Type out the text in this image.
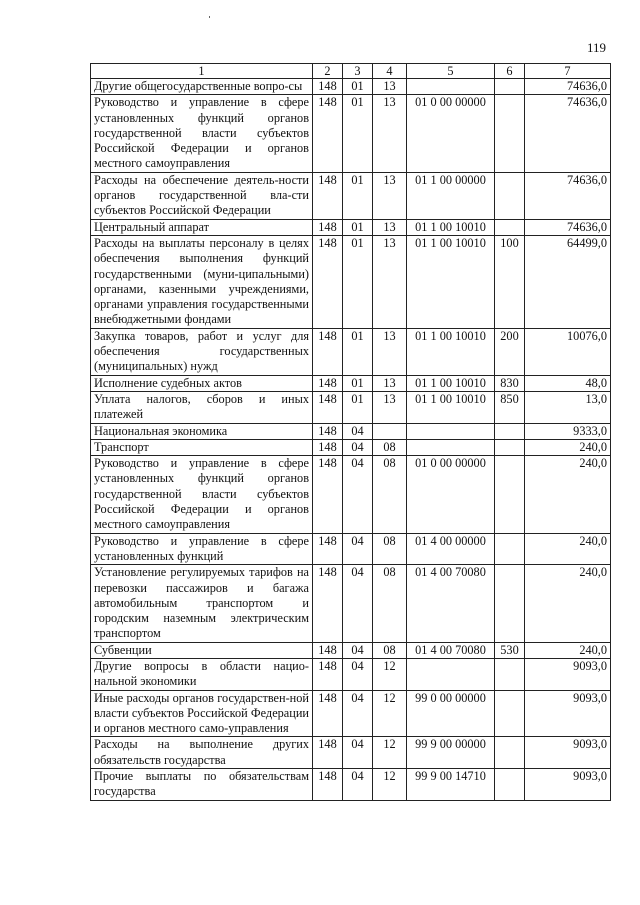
119
1	2	3	4	5	6	7
Другие общегосударственные вопро-сы	148	01	13			74636,0
Руководство и управление в сфере установленных функций органов государственной власти субъектов Российской Федерации и органов местного самоуправления	148	01	13	01 0 00 00000		74636,0
Расходы на обеспечение деятель-ности органов государственной вла-сти субъектов Российской Федерации	148	01	13	01 1 00 00000		74636,0
Центральный аппарат	148	01	13	01 1 00 10010		74636,0
Расходы на выплаты персоналу в целях обеспечения выполнения функций государственными (муни-ципальными) органами, казенными учреждениями, органами управления государственными внебюджетными фондами	148	01	13	01 1 00 10010	100	64499,0
Закупка товаров, работ и услуг для обеспечения государственных (муниципальных) нужд	148	01	13	01 1 00 10010	200	10076,0
Исполнение судебных актов	148	01	13	01 1 00 10010	830	48,0
Уплата налогов, сборов и иных платежей	148	01	13	01 1 00 10010	850	13,0
Национальная экономика	148	04				9333,0
Транспорт	148	04	08			240,0
Руководство и управление в сфере установленных функций органов государственной власти субъектов Российской Федерации и органов местного самоуправления	148	04	08	01 0 00 00000		240,0
Руководство и управление в сфере установленных функций	148	04	08	01 4 00 00000		240,0
Установление регулируемых тарифов на перевозки пассажиров и багажа автомобильным транспортом и городским наземным электрическим транспортом	148	04	08	01 4 00 70080		240,0
Субвенции	148	04	08	01 4 00 70080	530	240,0
Другие вопросы в области нацио-нальной экономики	148	04	12			9093,0
Иные расходы органов государствен-ной власти субъектов Российской Федерации и органов местного само-управления	148	04	12	99 0 00 00000		9093,0
Расходы на выполнение других обязательств государства	148	04	12	99 9 00 00000		9093,0
Прочие выплаты по обязательствам государства	148	04	12	99 9 00 14710		9093,0
